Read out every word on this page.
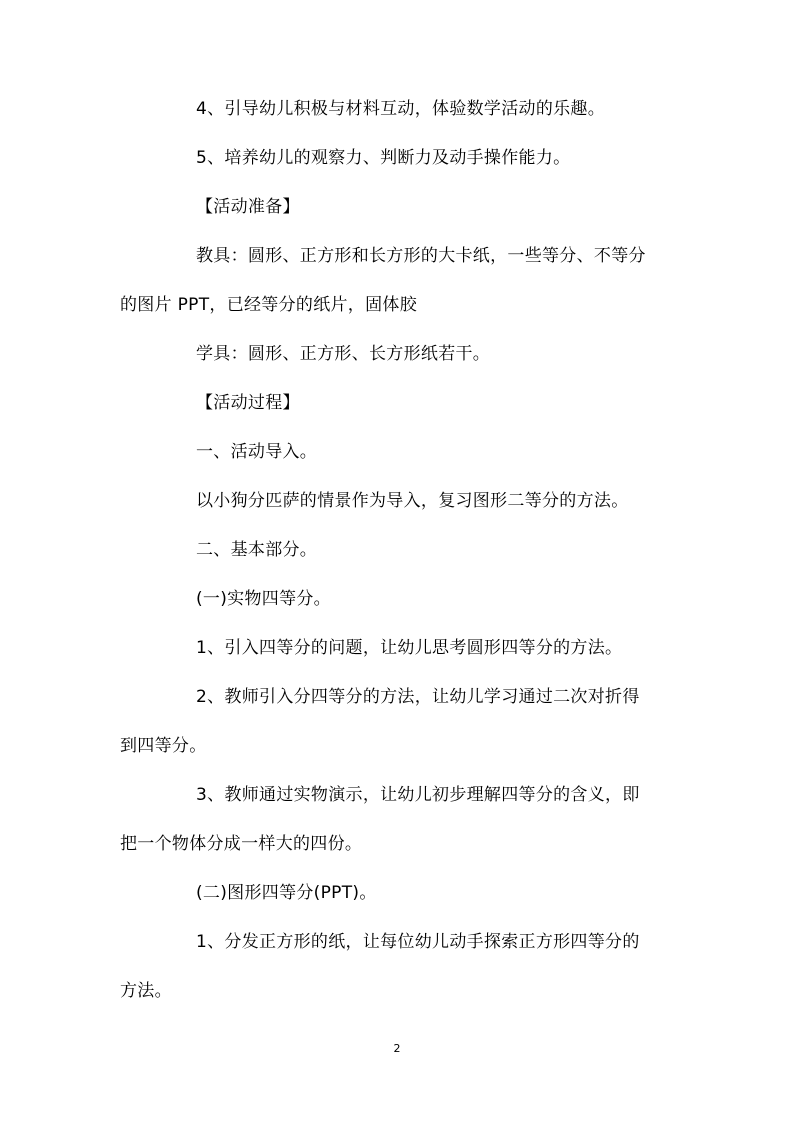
4、引导幼儿积极与材料互动，体验数学活动的乐趣。
5、培养幼儿的观察力、判断力及动手操作能力。
【活动准备】
教具：圆形、正方形和长方形的大卡纸，一些等分、不等分
的图片 PPT，已经等分的纸片，固体胶
学具：圆形、正方形、长方形纸若干。
【活动过程】
一、活动导入。
以小狗分匹萨的情景作为导入，复习图形二等分的方法。
二、基本部分。
(一)实物四等分。
1、引入四等分的问题，让幼儿思考圆形四等分的方法。
2、教师引入分四等分的方法，让幼儿学习通过二次对折得
到四等分。
3、教师通过实物演示，让幼儿初步理解四等分的含义，即
把一个物体分成一样大的四份。
(二)图形四等分(PPT)。
1、分发正方形的纸，让每位幼儿动手探索正方形四等分的
方法。
2
